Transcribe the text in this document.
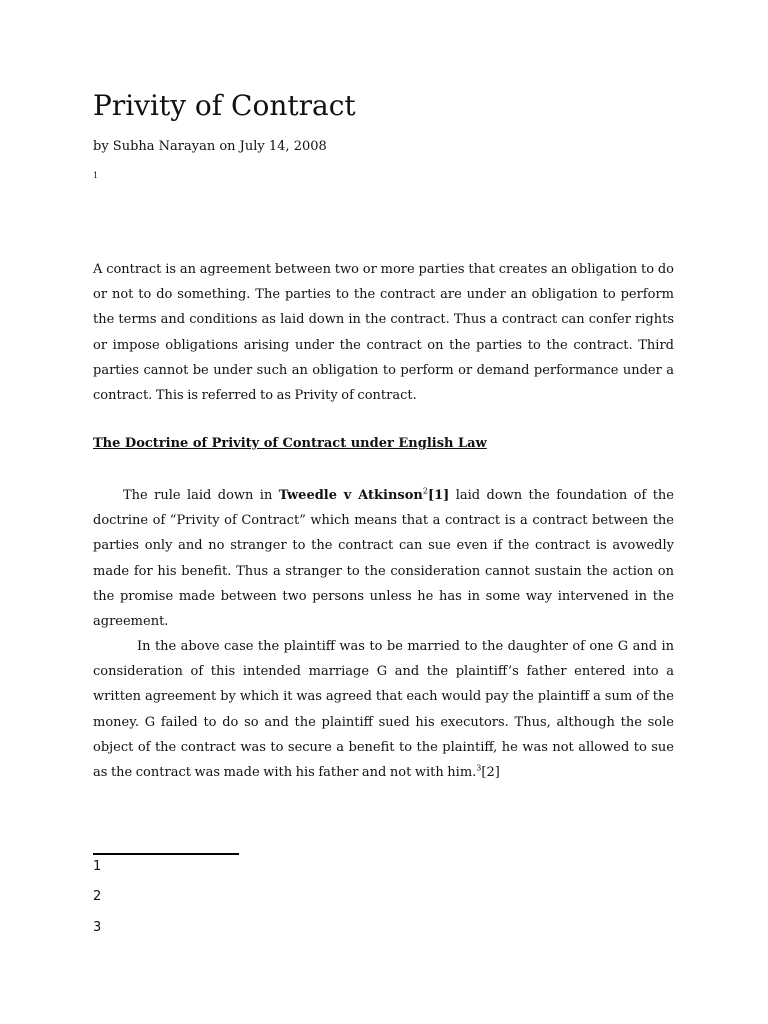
Privity of Contract
by Subha Narayan on July 14, 2008
1

A contract is an agreement between two or more parties that creates an obligation to do or not to do something. The parties to the contract are under an obligation to perform the terms and conditions as laid down in the contract. Thus a contract can confer rights or impose obligations arising under the contract on the parties to the contract. Third parties cannot be under such an obligation to perform or demand performance under a contract. This is referred to as Privity of contract.

The Doctrine of Privity of Contract under English Law

The rule laid down in Tweedle v Atkinson$^2$[1] laid down the foundation of the doctrine of “Privity of Contract” which means that a contract is a contract between the parties only and no stranger to the contract can sue even if the contract is avowedly made for his benefit. Thus a stranger to the consideration cannot sustain the action on the promise made between two persons unless he has in some way intervened in the agreement.

In the above case the plaintiff was to be married to the daughter of one G and in consideration of this intended marriage G and the plaintiff’s father entered into a written agreement by which it was agreed that each would pay the plaintiff a sum of the money. G failed to do so and the plaintiff sued his executors. Thus, although the sole object of the contract was to secure a benefit to the plaintiff, he was not allowed to sue as the contract was made with his father and not with him.$^3$[2]

1
2
3
